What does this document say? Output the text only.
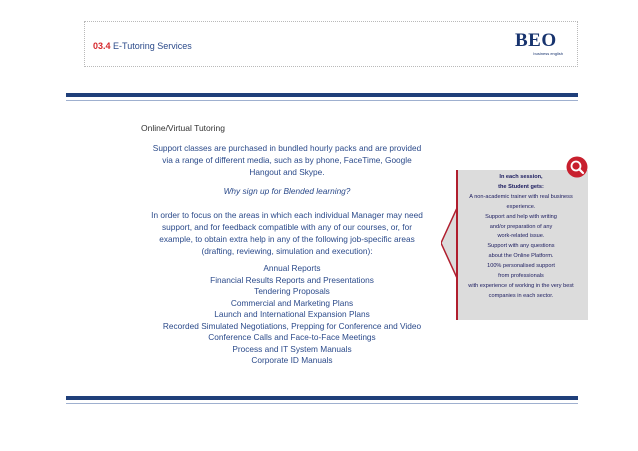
03.4 E-Tutoring Services	BEO
business english
Online/Virtual Tutoring
Support classes are purchased in bundled hourly packs and are provided
via a range of different media, such as by phone, FaceTime, Google
Hangout and Skype.
Why sign up for Blended learning?
In order to focus on the areas in which each individual Manager may need
support, and for feedback compatible with any of our courses, or, for
example, to obtain extra help in any of the following job-specific areas
(drafting, reviewing, simulation and execution):
Annual Reports
Financial Results Reports and Presentations
Tendering Proposals
Commercial and Marketing Plans
Launch and International Expansion Plans
Recorded Simulated Negotiations, Prepping for Conference and Video
Conference Calls and Face-to-Face Meetings
Process and IT System Manuals
Corporate ID Manuals
In each session,
the Student gets:
A non-academic trainer with real business
experience.
Support and help with writing
and/or preparation of any
work-related issue.
Support with any questions
about the Online Platform.
100% personalised support
from professionals
with experience of working in the very best
companies in each sector.
